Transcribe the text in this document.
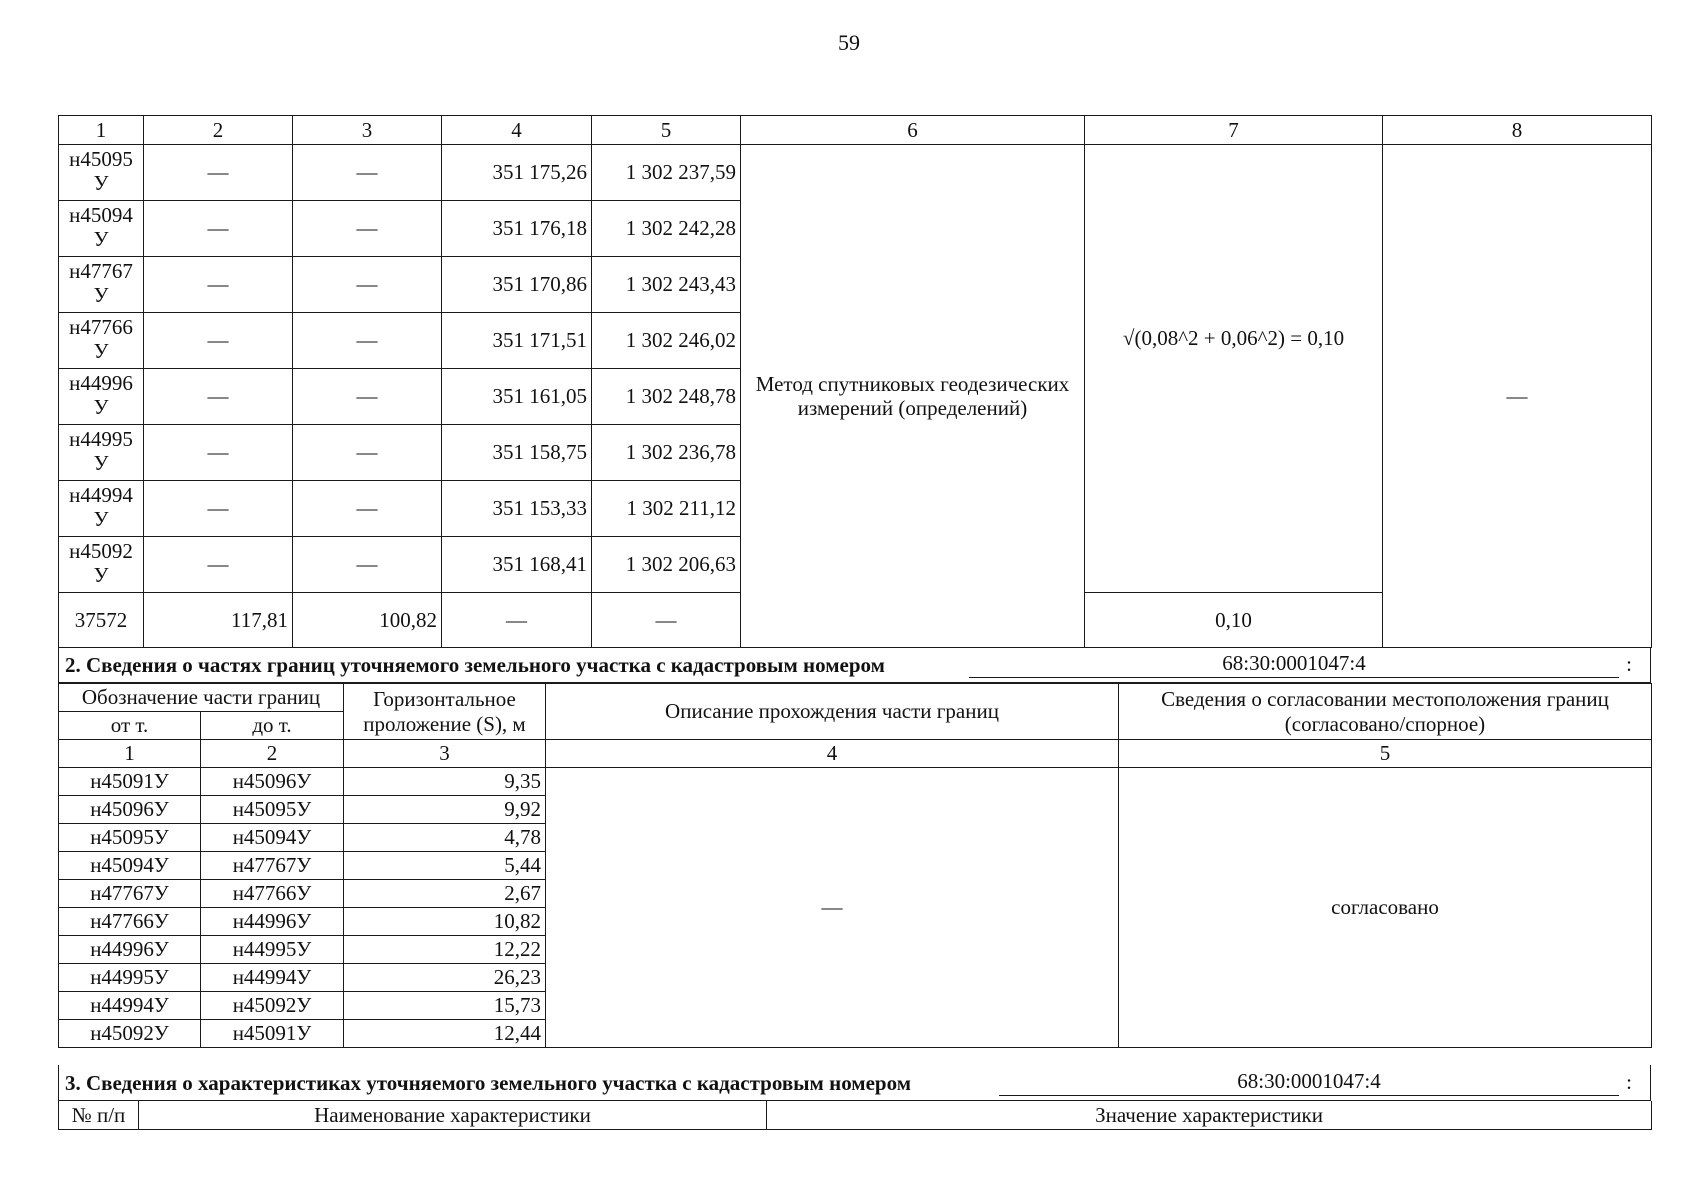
59
1	2	3	4	5	6	7	8
н45095
У	—	—	351 175,26	1 302 237,59	Метод спутниковых геодезических измерений (определений)	√(0,08^2 + 0,06^2) = 0,10	—
н45094
У	—	—	351 176,18	1 302 242,28			
н47767
У	—	—	351 170,86	1 302 243,43			
н47766
У	—	—	351 171,51	1 302 246,02			
н44996
У	—	—	351 161,05	1 302 248,78			
н44995
У	—	—	351 158,75	1 302 236,78			
н44994
У	—	—	351 153,33	1 302 211,12			
н45092
У	—	—	351 168,41	1 302 206,63			
37572	117,81	100,82	—	—		0,10	
2. Сведения о частях границ уточняемого земельного участка с кадастровым номером	68:30:0001047:4	:
Обозначение части границ		Горизонтальное проложение (S), м	Описание прохождения части границ	Сведения о согласовании местоположения границ (согласовано/спорное)
от т.	до т.			
1	2	3	4	5
н45091У	н45096У	9,35	—	согласовано
н45096У	н45095У	9,92		
н45095У	н45094У	4,78		
н45094У	н47767У	5,44		
н47767У	н47766У	2,67		
н47766У	н44996У	10,82		
н44996У	н44995У	12,22		
н44995У	н44994У	26,23		
н44994У	н45092У	15,73		
н45092У	н45091У	12,44		
3. Сведения о характеристиках уточняемого земельного участка с кадастровым номером	68:30:0001047:4	:
№ п/п	Наименование характеристики	Значение характеристики
